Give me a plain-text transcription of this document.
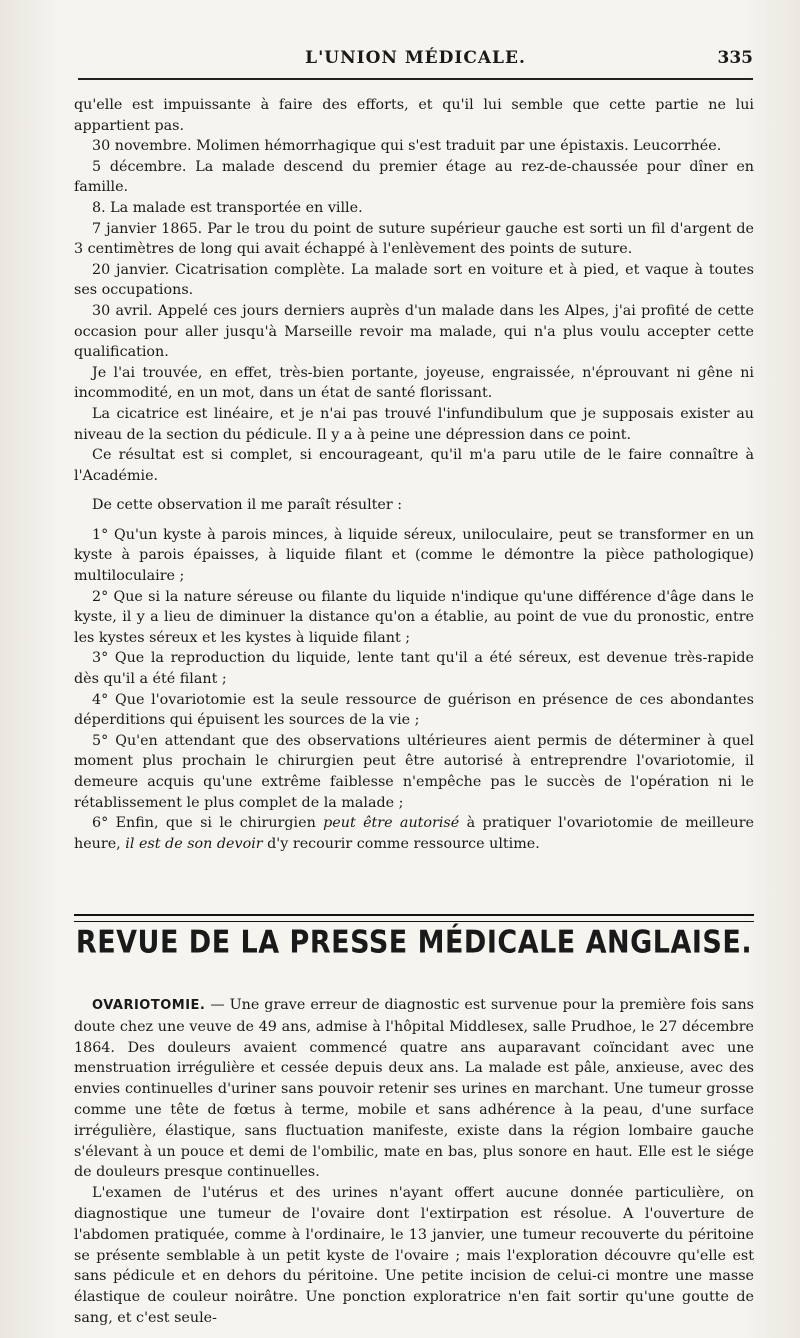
L'UNION MÉDICALE.	335

qu'elle est impuissante à faire des efforts, et qu'il lui semble que cette partie ne lui appartient pas.

30 novembre. Molimen hémorrhagique qui s'est traduit par une épistaxis. Leucorrhée.

5 décembre. La malade descend du premier étage au rez-de-chaussée pour dîner en famille.

8. La malade est transportée en ville.

7 janvier 1865. Par le trou du point de suture supérieur gauche est sorti un fil d'argent de 3 centimètres de long qui avait échappé à l'enlèvement des points de suture.

20 janvier. Cicatrisation complète. La malade sort en voiture et à pied, et vaque à toutes ses occupations.

30 avril. Appelé ces jours derniers auprès d'un malade dans les Alpes, j'ai profité de cette occasion pour aller jusqu'à Marseille revoir ma malade, qui n'a plus voulu accepter cette qualification.

Je l'ai trouvée, en effet, très-bien portante, joyeuse, engraissée, n'éprouvant ni gêne ni incommodité, en un mot, dans un état de santé florissant.

La cicatrice est linéaire, et je n'ai pas trouvé l'infundibulum que je supposais exister au niveau de la section du pédicule. Il y a à peine une dépression dans ce point.

Ce résultat est si complet, si encourageant, qu'il m'a paru utile de le faire connaître à l'Académie.

De cette observation il me paraît résulter :

1° Qu'un kyste à parois minces, à liquide séreux, uniloculaire, peut se transformer en un kyste à parois épaisses, à liquide filant et (comme le démontre la pièce pathologique) multiloculaire ;

2° Que si la nature séreuse ou filante du liquide n'indique qu'une différence d'âge dans le kyste, il y a lieu de diminuer la distance qu'on a établie, au point de vue du pronostic, entre les kystes séreux et les kystes à liquide filant ;

3° Que la reproduction du liquide, lente tant qu'il a été séreux, est devenue très-rapide dès qu'il a été filant ;

4° Que l'ovariotomie est la seule ressource de guérison en présence de ces abondantes déperditions qui épuisent les sources de la vie ;

5° Qu'en attendant que des observations ultérieures aient permis de déterminer à quel moment plus prochain le chirurgien peut être autorisé à entreprendre l'ovariotomie, il demeure acquis qu'une extrême faiblesse n'empêche pas le succès de l'opération ni le rétablissement le plus complet de la malade ;

6° Enfin, que si le chirurgien peut être autorisé à pratiquer l'ovariotomie de meilleure heure, il est de son devoir d'y recourir comme ressource ultime.

REVUE DE LA PRESSE MÉDICALE ANGLAISE.

OVARIOTOMIE. — Une grave erreur de diagnostic est survenue pour la première fois sans doute chez une veuve de 49 ans, admise à l'hôpital Middlesex, salle Prudhoe, le 27 décembre 1864. Des douleurs avaient commencé quatre ans auparavant coïncidant avec une menstruation irrégulière et cessée depuis deux ans. La malade est pâle, anxieuse, avec des envies continuelles d'uriner sans pouvoir retenir ses urines en marchant. Une tumeur grosse comme une tête de fœtus à terme, mobile et sans adhérence à la peau, d'une surface irrégulière, élastique, sans fluctuation manifeste, existe dans la région lombaire gauche s'élevant à un pouce et demi de l'ombilic, mate en bas, plus sonore en haut. Elle est le siége de douleurs presque continuelles.

L'examen de l'utérus et des urines n'ayant offert aucune donnée particulière, on diagnostique une tumeur de l'ovaire dont l'extirpation est résolue. A l'ouverture de l'abdomen pratiquée, comme à l'ordinaire, le 13 janvier, une tumeur recouverte du péritoine se présente semblable à un petit kyste de l'ovaire ; mais l'exploration découvre qu'elle est sans pédicule et en dehors du péritoine. Une petite incision de celui-ci montre une masse élastique de couleur noirâtre. Une ponction exploratrice n'en fait sortir qu'une goutte de sang, et c'est seule-
